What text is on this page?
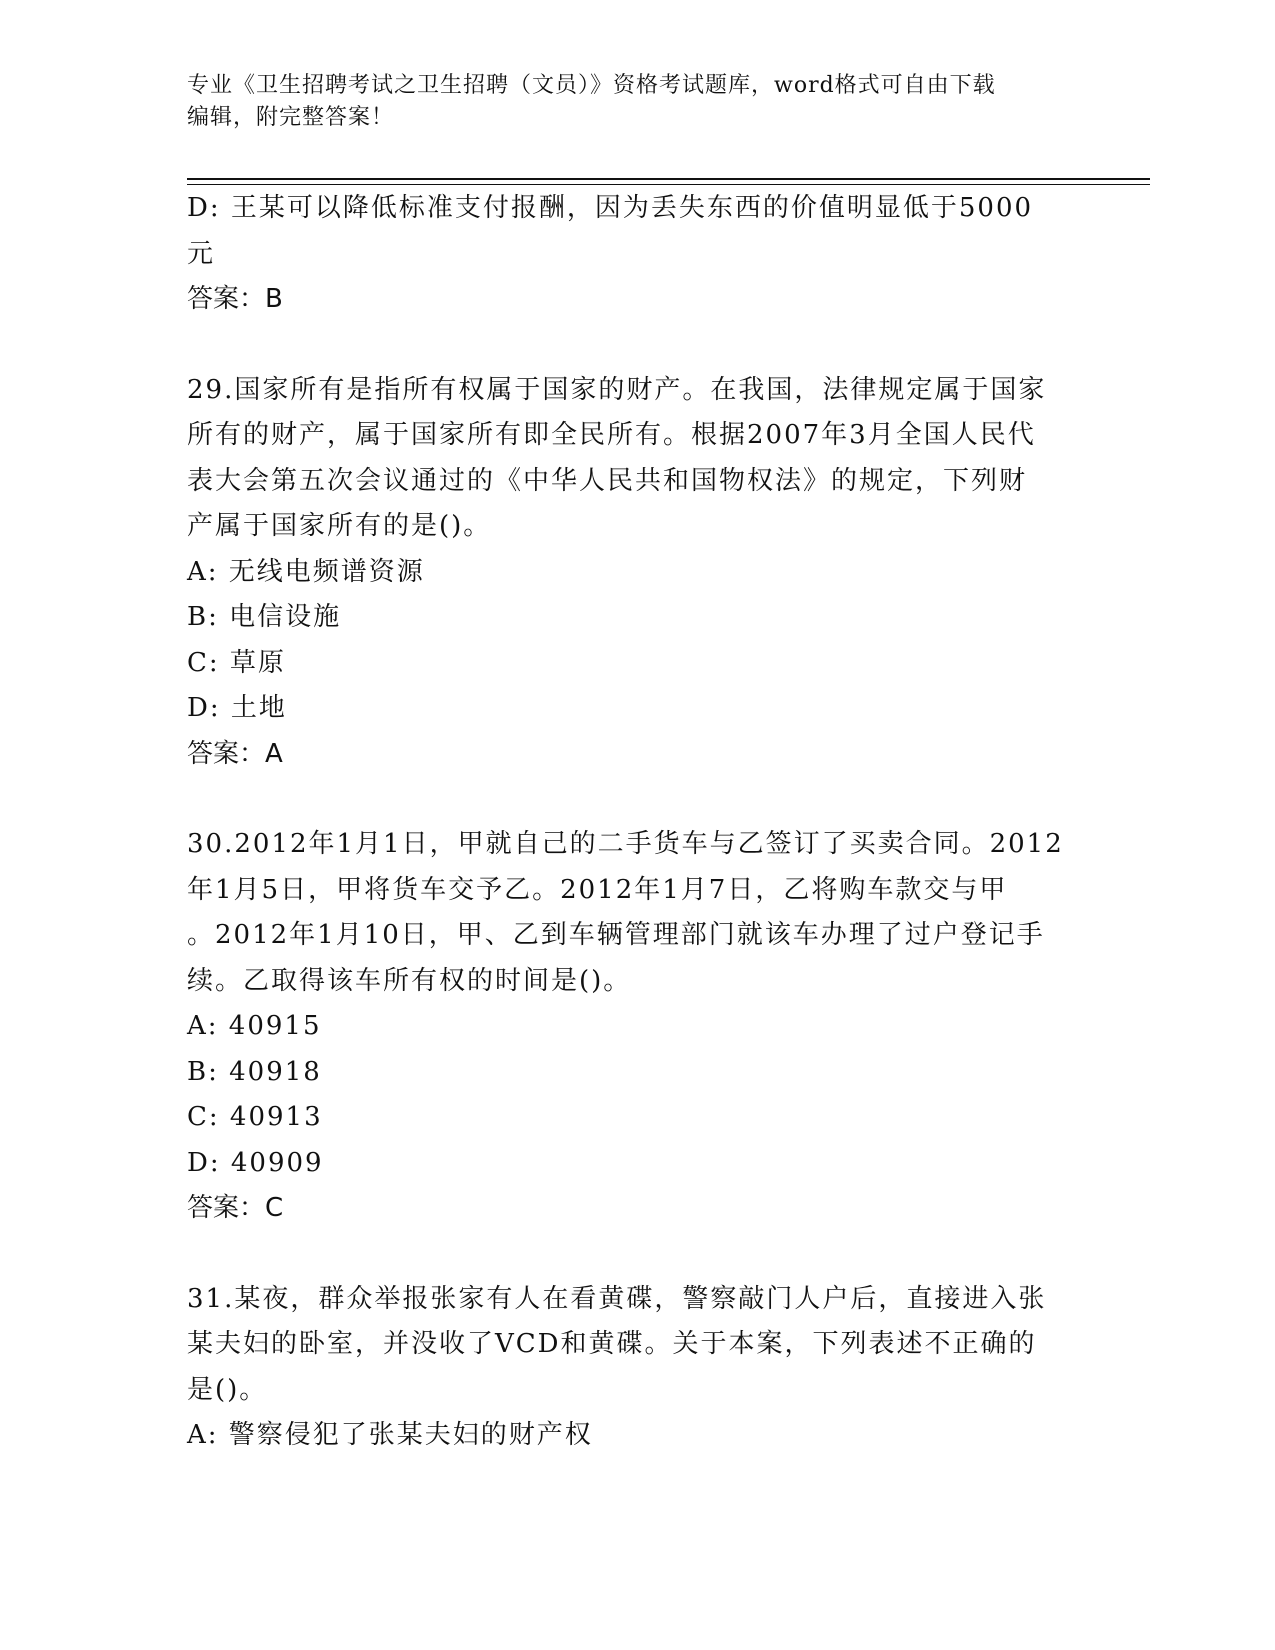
专业《卫生招聘考试之卫生招聘（文员）》资格考试题库，word格式可自由下载
编辑，附完整答案！
D: 王某可以降低标准支付报酬，因为丢失东西的价值明显低于5000
元
答案：B
29.国家所有是指所有权属于国家的财产。在我国，法律规定属于国家
所有的财产，属于国家所有即全民所有。根据2007年3月全国人民代
表大会第五次会议通过的《中华人民共和国物权法》的规定，下列财
产属于国家所有的是()。
A: 无线电频谱资源
B: 电信设施
C: 草原
D: 土地
答案：A
30.2012年1月1日，甲就自己的二手货车与乙签订了买卖合同。2012
年1月5日，甲将货车交予乙。2012年1月7日，乙将购车款交与甲
。2012年1月10日，甲、乙到车辆管理部门就该车办理了过户登记手
续。乙取得该车所有权的时间是()。
A: 40915
B: 40918
C: 40913
D: 40909
答案：C
31.某夜，群众举报张家有人在看黄碟，警察敲门人户后，直接进入张
某夫妇的卧室，并没收了VCD和黄碟。关于本案，下列表述不正确的
是()。
A: 警察侵犯了张某夫妇的财产权
